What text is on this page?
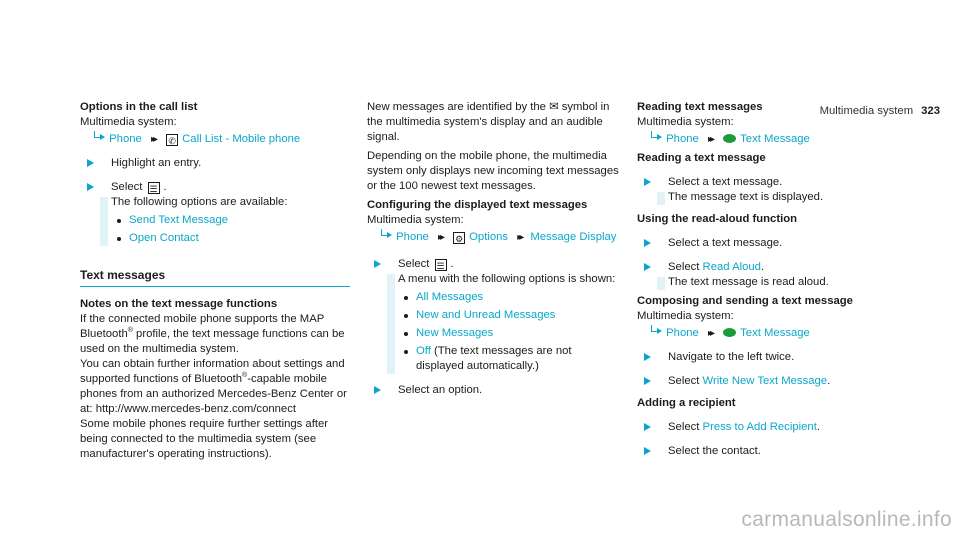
Multimedia system 323

Options in the call list

Multimedia system:

Phone ▸▸ ✆ Call List - Mobile phone
Highlight an entry.
Select ☰ .

The following options are available:

Send Text Message
Open Contact
Text messages

Notes on the text message functions

If the connected mobile phone supports the MAP Bluetooth® profile, the text message functions can be used on the multimedia system.

You can obtain further information about settings and supported functions of Bluetooth®-capable mobile phones from an authorized Mercedes-Benz Center or at: http://www.mercedes-benz.com/connect

Some mobile phones require further settings after being connected to the multimedia system (see manufacturer's operating instructions).

New messages are identified by the ✉ symbol in the multimedia system's display and an audible signal.

Depending on the mobile phone, the multimedia system only displays new incoming text messages or the 100 newest text messages.

Configuring the displayed text messages

Multimedia system:

Phone ▸▸ ⚙ Options ▸▸ Message Display
Select ☰ .

A menu with the following options is shown:

All Messages
New and Unread Messages
New Messages
Off (The text messages are not displayed automatically.)
Select an option.

Reading text messages

Multimedia system:

Phone ▸▸ Text Message

Reading a text message

Select a text message.

The message text is displayed.

Using the read-aloud function

Select a text message.
Select Read Aloud.

The text message is read aloud.

Composing and sending a text message

Multimedia system:

Phone ▸▸ Text Message
Navigate to the left twice.
Select Write New Text Message.

Adding a recipient

Select Press to Add Recipient.
Select the contact.
carmanualsonline.info
